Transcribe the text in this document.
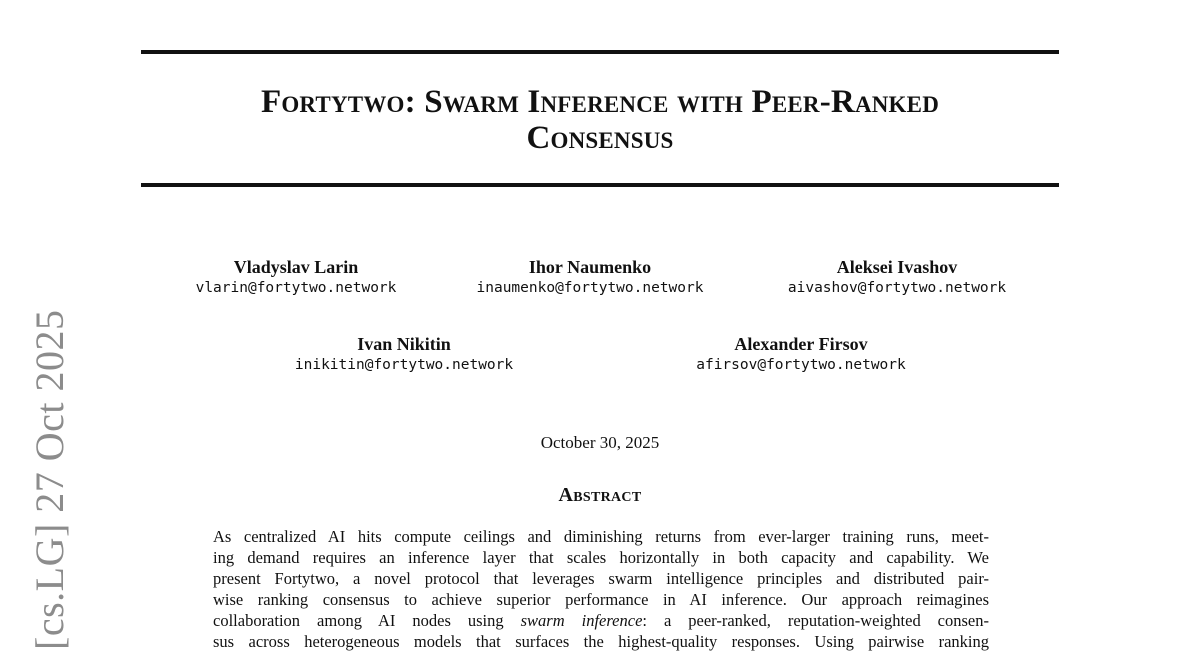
Fortytwo: Swarm Inference with Peer-Ranked
Consensus
Vladyslav Larin
vlarin@fortytwo.network
Ihor Naumenko
inaumenko@fortytwo.network
Aleksei Ivashov
aivashov@fortytwo.network
Ivan Nikitin
inikitin@fortytwo.network
Alexander Firsov
afirsov@fortytwo.network
October 30, 2025
Abstract
As centralized AI hits compute ceilings and diminishing returns from ever-larger training runs, meet-
ing demand requires an inference layer that scales horizontally in both capacity and capability. We
present Fortytwo, a novel protocol that leverages swarm intelligence principles and distributed pair-
wise ranking consensus to achieve superior performance in AI inference. Our approach reimagines
collaboration among AI nodes using swarm inference: a peer-ranked, reputation-weighted consen-
sus across heterogeneous models that surfaces the highest-quality responses. Using pairwise ranking
[cs.LG] 27 Oct 2025
